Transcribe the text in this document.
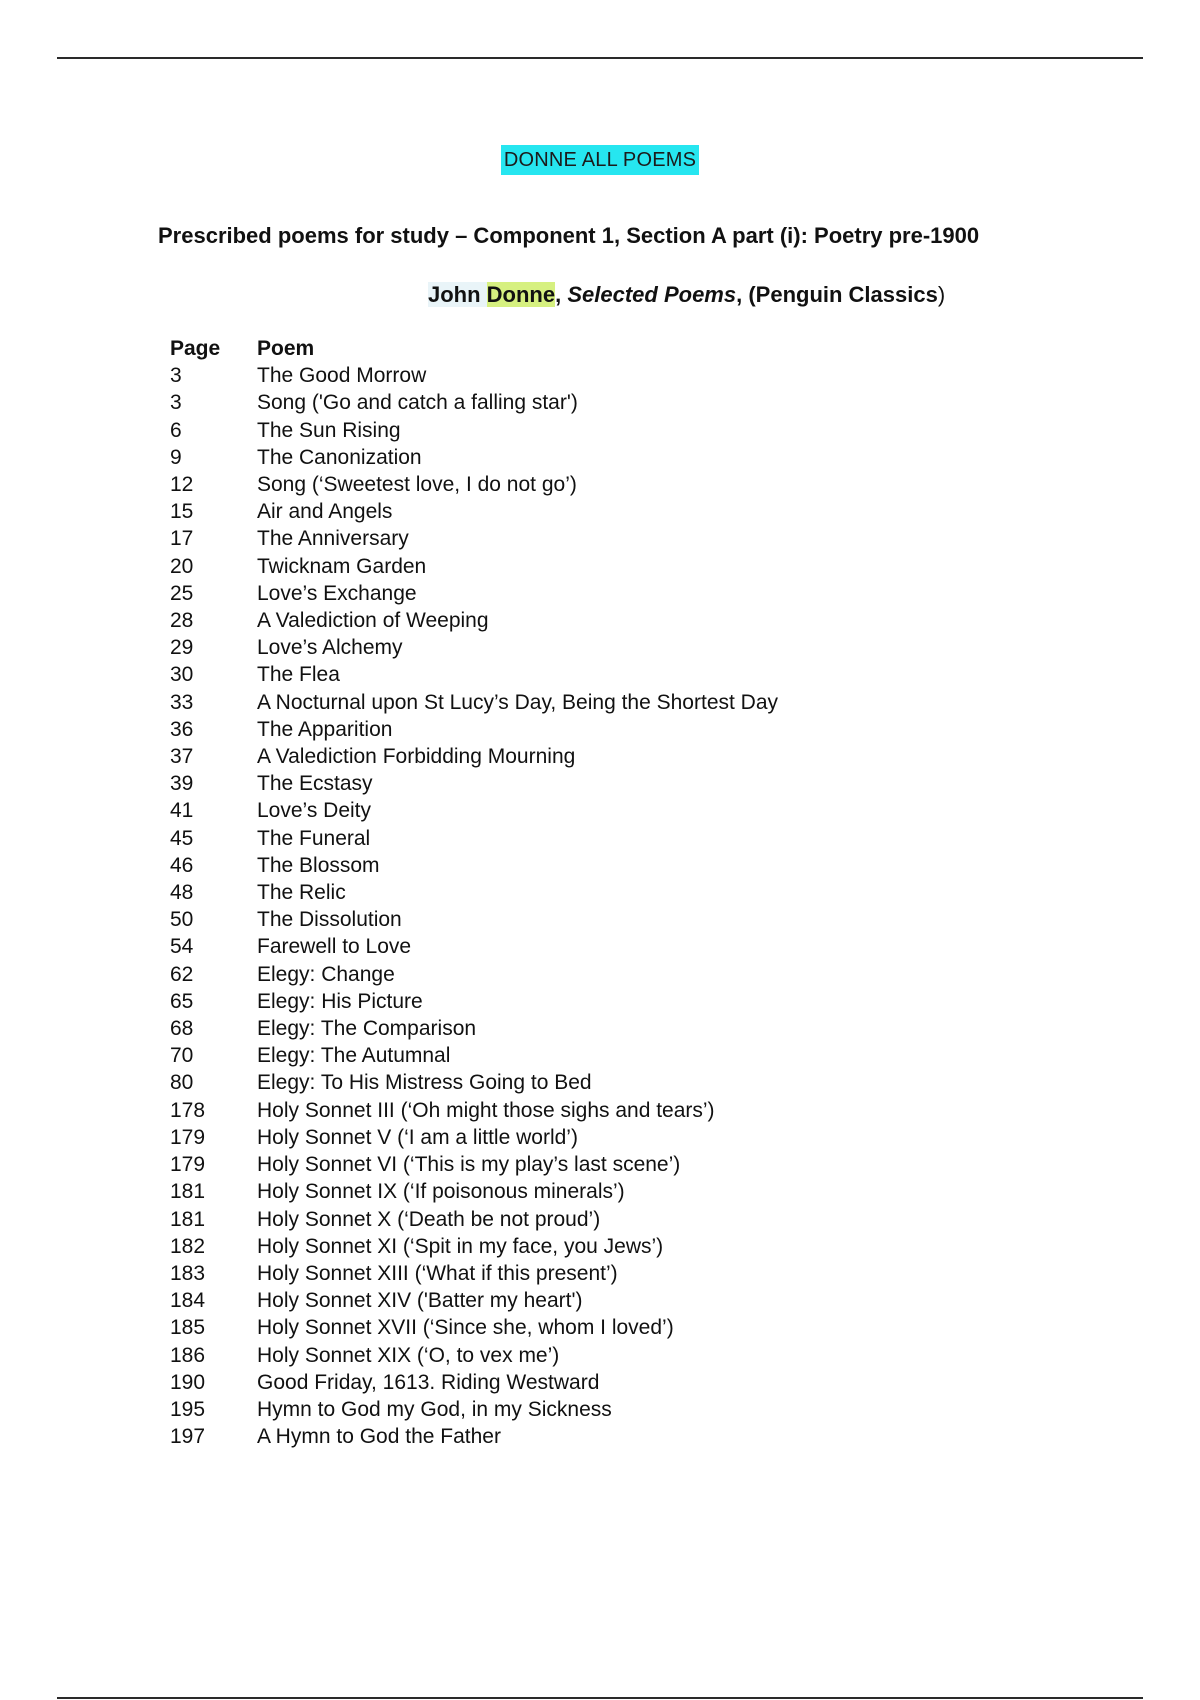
DONNE ALL POEMS
Prescribed poems for study – Component 1, Section A part (i): Poetry pre-1900
John Donne, Selected Poems, (Penguin Classics)
Page	Poem
3	The Good Morrow
3	Song ('Go and catch a falling star')
6	The Sun Rising
9	The Canonization
12	Song (‘Sweetest love, I do not go’)
15	Air and Angels
17	The Anniversary
20	Twicknam Garden
25	Love’s Exchange
28	A Valediction of Weeping
29	Love’s Alchemy
30	The Flea
33	A Nocturnal upon St Lucy’s Day, Being the Shortest Day
36	The Apparition
37	A Valediction Forbidding Mourning
39	The Ecstasy
41	Love’s Deity
45	The Funeral
46	The Blossom
48	The Relic
50	The Dissolution
54	Farewell to Love
62	Elegy: Change
65	Elegy: His Picture
68	Elegy: The Comparison
70	Elegy: The Autumnal
80	Elegy: To His Mistress Going to Bed
178	Holy Sonnet III (‘Oh might those sighs and tears’)
179	Holy Sonnet V (‘I am a little world’)
179	Holy Sonnet VI (‘This is my play’s last scene’)
181	Holy Sonnet IX (‘If poisonous minerals’)
181	Holy Sonnet X (‘Death be not proud’)
182	Holy Sonnet XI (‘Spit in my face, you Jews’)
183	Holy Sonnet XIII (‘What if this present’)
184	Holy Sonnet XIV ('Batter my heart')
185	Holy Sonnet XVII (‘Since she, whom I loved’)
186	Holy Sonnet XIX (‘O, to vex me’)
190	Good Friday, 1613. Riding Westward
195	Hymn to God my God, in my Sickness
197	A Hymn to God the Father
